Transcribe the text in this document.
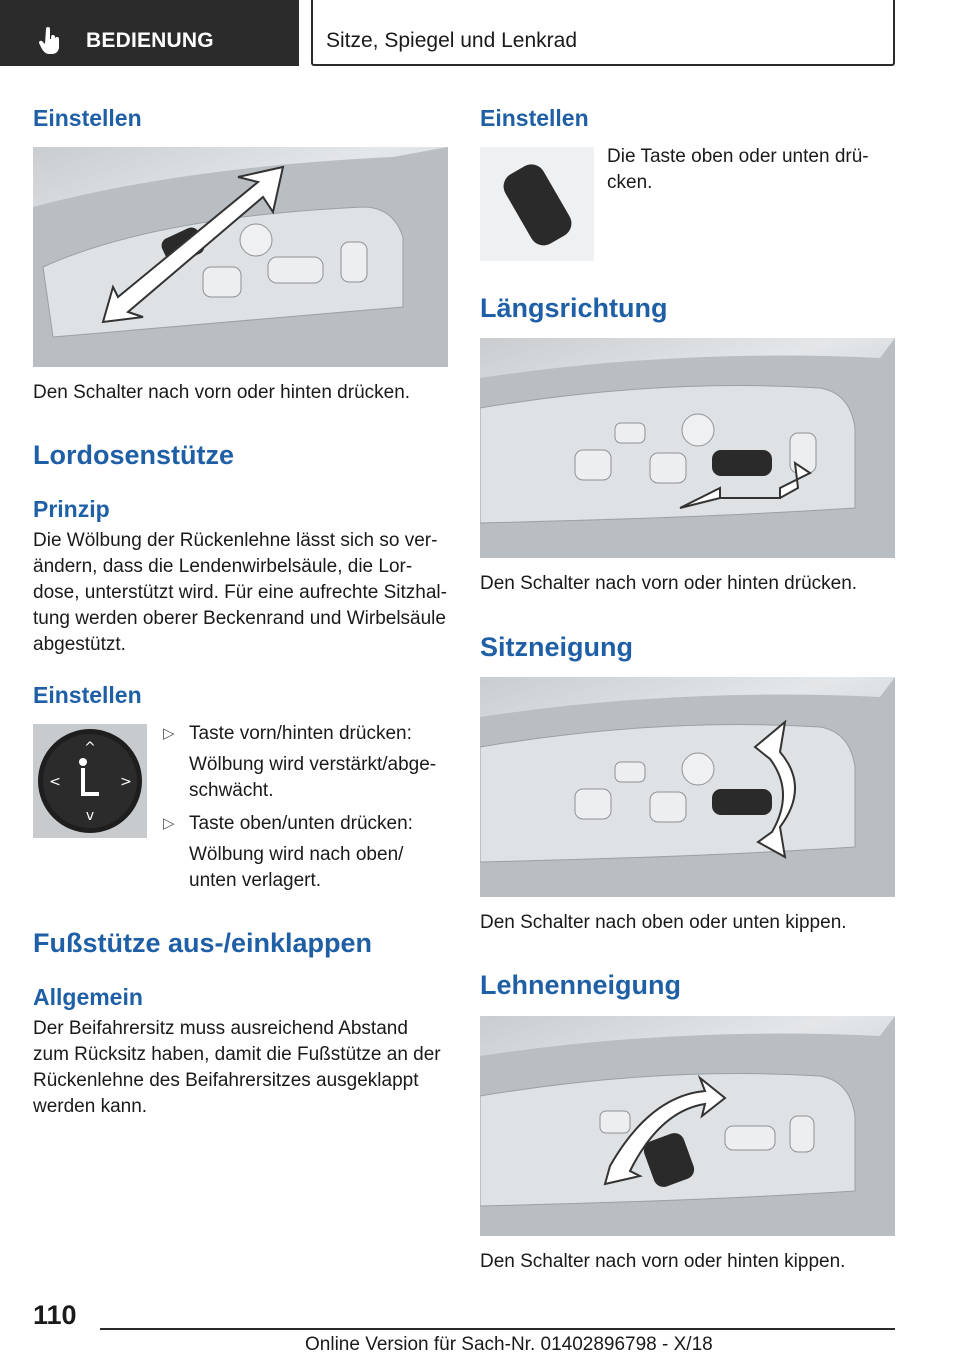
BEDIENUNG	Sitze, Spiegel und Lenkrad
Einstellen
Den Schalter nach vorn oder hinten drücken.
Lordosenstütze
Prinzip
Die Wölbung der Rückenlehne lässt sich so ver‐
ändern, dass die Lendenwirbelsäule, die Lor‐
dose, unterstützt wird. Für eine aufrechte Sitzhal‐
tung werden oberer Beckenrand und Wirbelsäule
abgestützt.
Einstellen
^
v
<	>
▷ Taste vorn/hinten drücken:
Wölbung wird verstärkt/abge‐
schwächt.
▷ Taste oben/unten drücken:
Wölbung wird nach oben/
unten verlagert.
Fußstütze aus-/einklappen
Allgemein
Der Beifahrersitz muss ausreichend Abstand
zum Rücksitz haben, damit die Fußstütze an der
Rückenlehne des Beifahrersitzes ausgeklappt
werden kann.
Einstellen
Die Taste oben oder unten drü‐
cken.
Längsrichtung
Den Schalter nach vorn oder hinten drücken.
Sitzneigung
Den Schalter nach oben oder unten kippen.
Lehnenneigung
Den Schalter nach vorn oder hinten kippen.
110
Online Version für Sach-Nr. 01402896798 - X/18
